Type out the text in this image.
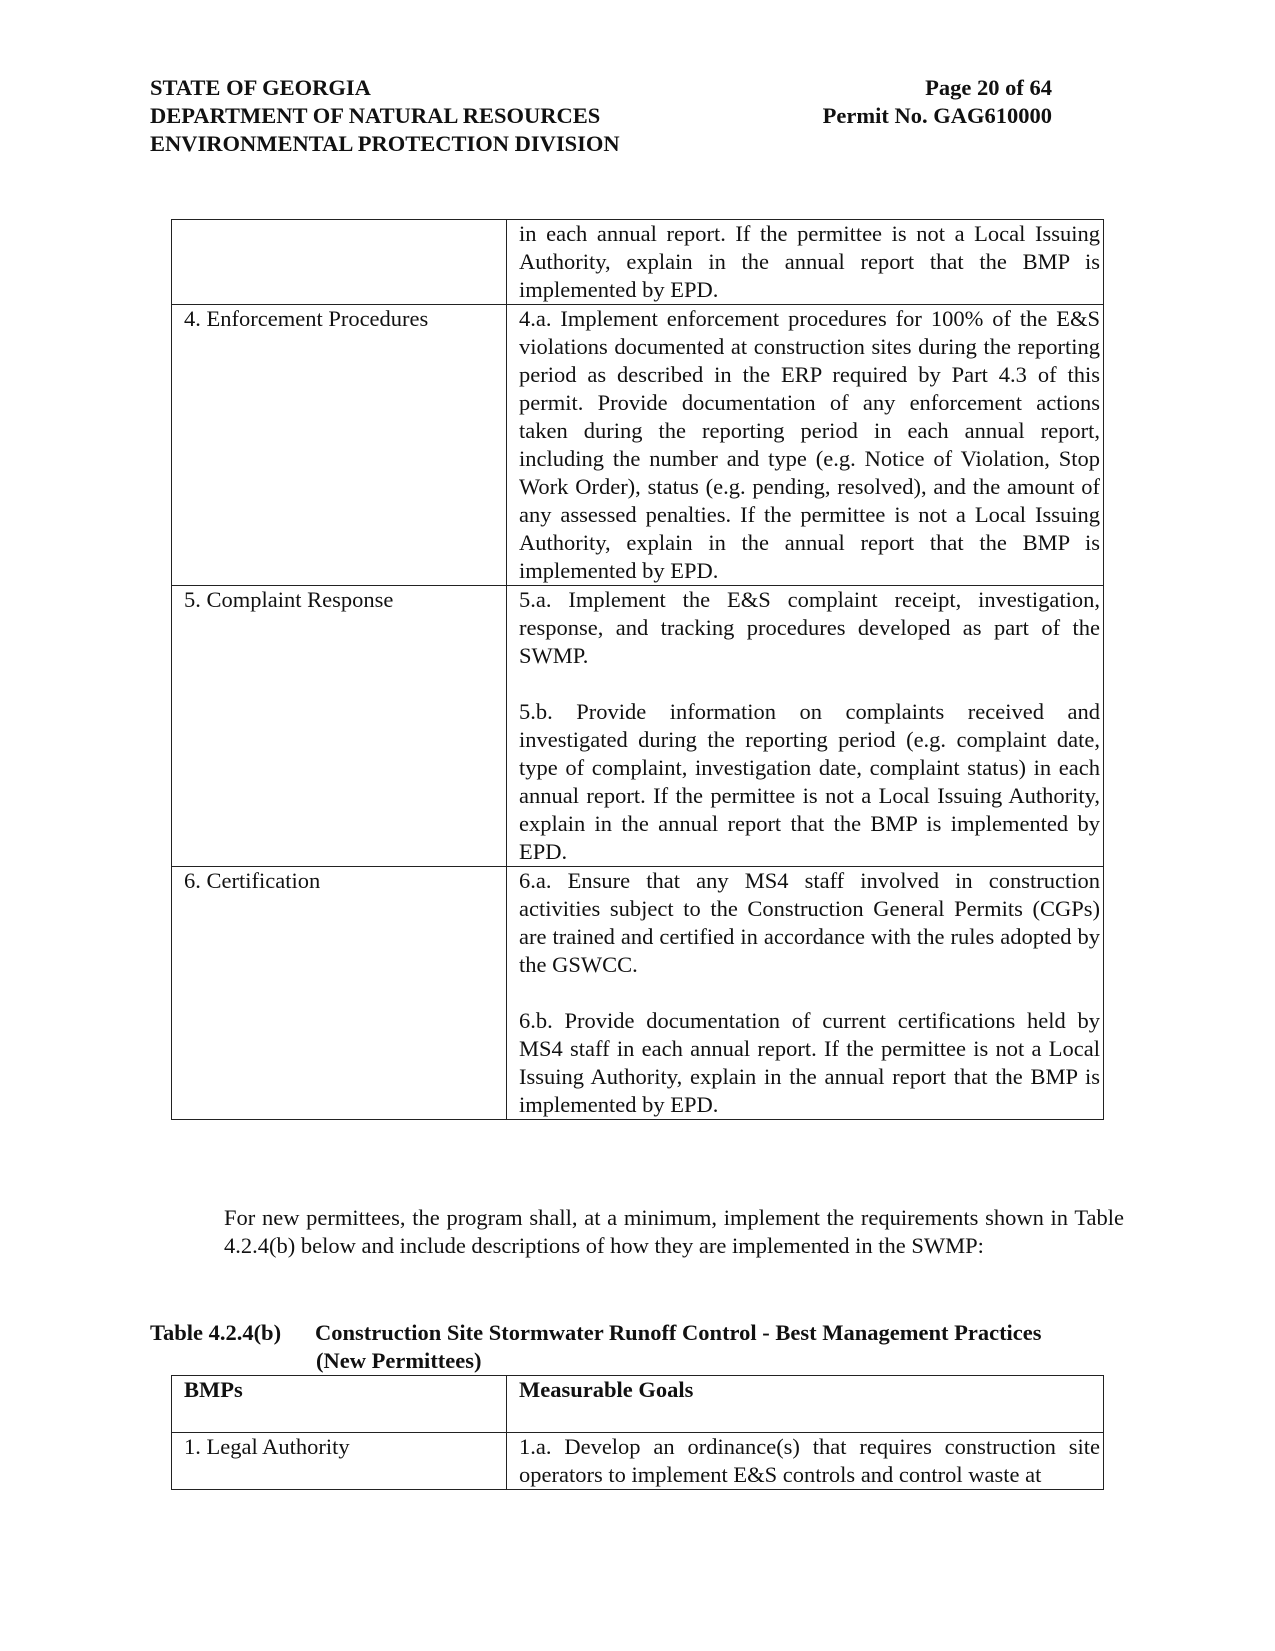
STATE OF GEORGIA
DEPARTMENT OF NATURAL RESOURCES
ENVIRONMENTAL PROTECTION DIVISION
Page 20 of 64
Permit No. GAG610000

	in each annual report. If the permittee is not a Local Issuing Authority, explain in the annual report that the BMP is implemented by EPD.

4. Enforcement Procedures	4.a. Implement enforcement procedures for 100% of the E&S violations documented at construction sites during the reporting period as described in the ERP required by Part 4.3 of this permit. Provide documentation of any enforcement actions taken during the reporting period in each annual report, including the number and type (e.g. Notice of Violation, Stop Work Order), status (e.g. pending, resolved), and the amount of any assessed penalties. If the permittee is not a Local Issuing Authority, explain in the annual report that the BMP is implemented by EPD.

5. Complaint Response	5.a. Implement the E&S complaint receipt, investigation, response, and tracking procedures developed as part of the SWMP.

5.b. Provide information on complaints received and investigated during the reporting period (e.g. complaint date, type of complaint, investigation date, complaint status) in each annual report. If the permittee is not a Local Issuing Authority, explain in the annual report that the BMP is implemented by EPD.

6. Certification	6.a. Ensure that any MS4 staff involved in construction activities subject to the Construction General Permits (CGPs) are trained and certified in accordance with the rules adopted by the GSWCC.

6.b. Provide documentation of current certifications held by MS4 staff in each annual report. If the permittee is not a Local Issuing Authority, explain in the annual report that the BMP is implemented by EPD.

For new permittees, the program shall, at a minimum, implement the requirements shown in Table 4.2.4(b) below and include descriptions of how they are implemented in the SWMP:

Table 4.2.4(b) Construction Site Stormwater Runoff Control - Best Management Practices
(New Permittees)
BMPs	Measurable Goals

1. Legal Authority	1.a. Develop an ordinance(s) that requires construction site operators to implement E&S controls and control waste at
